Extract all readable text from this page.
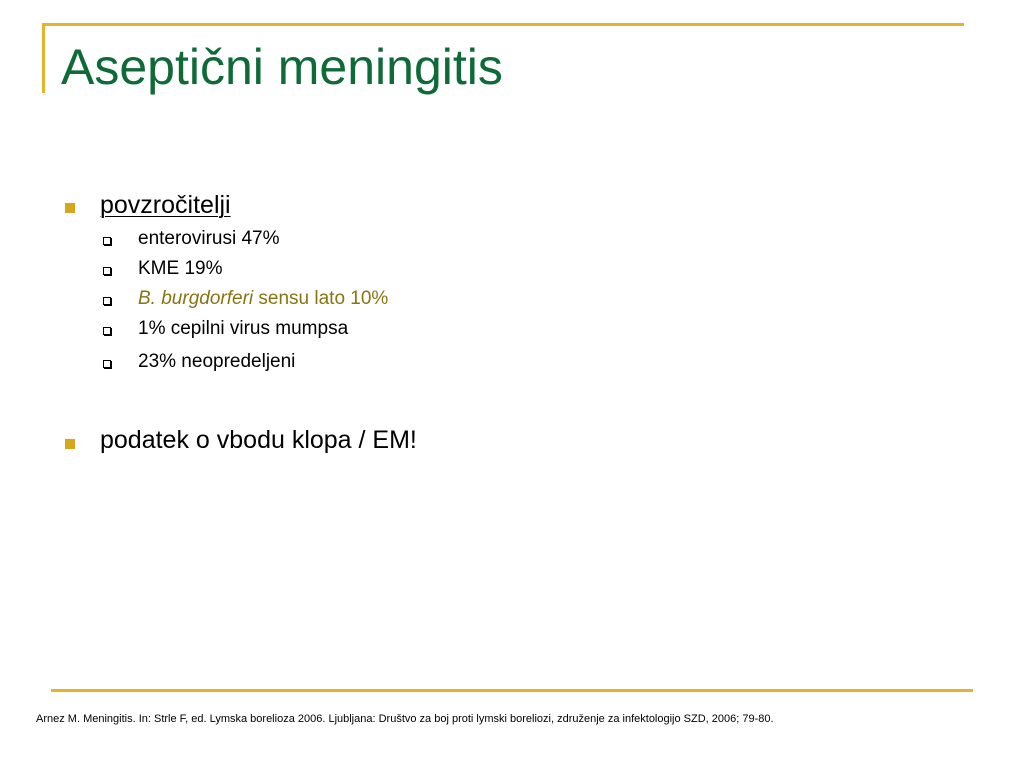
Aseptični meningitis
povzročitelji
enterovirusi 47%
KME 19%
B. burgdorferi sensu lato 10%
1% cepilni virus mumpsa
23% neopredeljeni
podatek o vbodu klopa / EM!
Arnez M. Meningitis. In: Strle F, ed. Lymska borelioza 2006. Ljubljana: Društvo za boj proti lymski boreliozi, združenje za infektologijo SZD, 2006; 79-80.
